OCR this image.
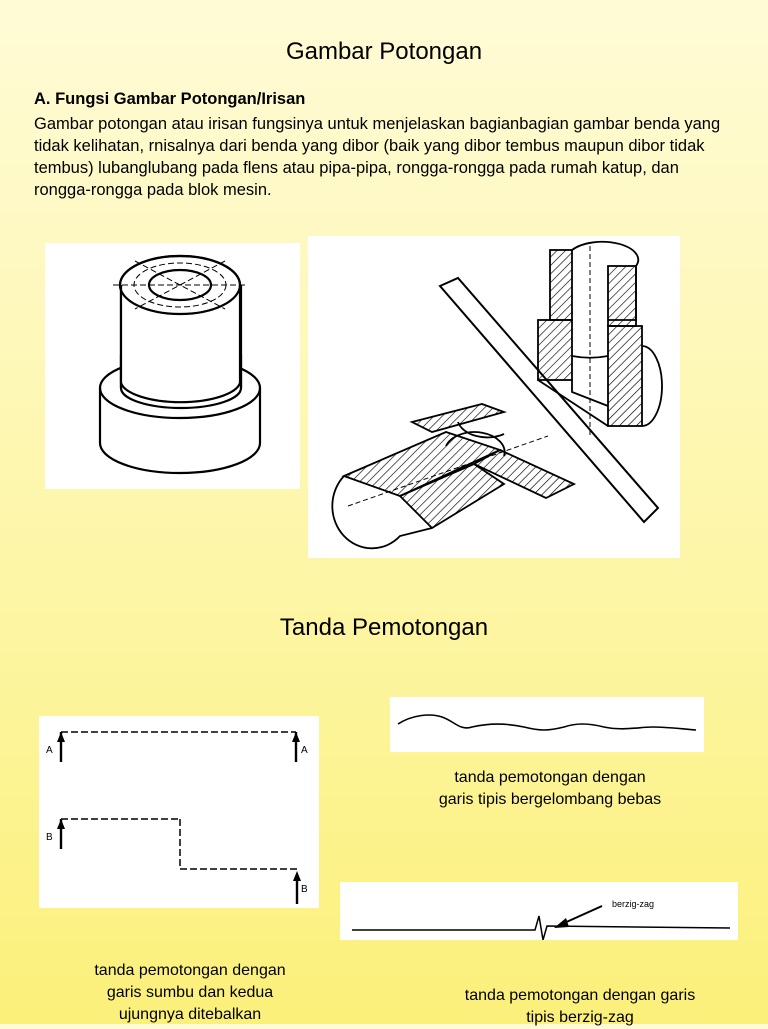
Gambar Potongan
A. Fungsi Gambar Potongan/Irisan
Gambar potongan atau irisan fungsinya untuk menjelaskan bagianbagian gambar benda yang tidak kelihatan, rnisalnya dari benda yang dibor (baik yang dibor tembus maupun dibor tidak tembus) lubanglubang pada flens atau pipa-pipa, rongga-rongga pada rumah katup, dan rongga-rongga pada blok mesin.
Tanda Pemotongan
A	A
B
B
tanda pemotongan dengan
garis tipis bergelombang bebas
berzig-zag
tanda pemotongan dengan
garis sumbu dan kedua
ujungnya ditebalkan
tanda pemotongan dengan garis
tipis berzig-zag
